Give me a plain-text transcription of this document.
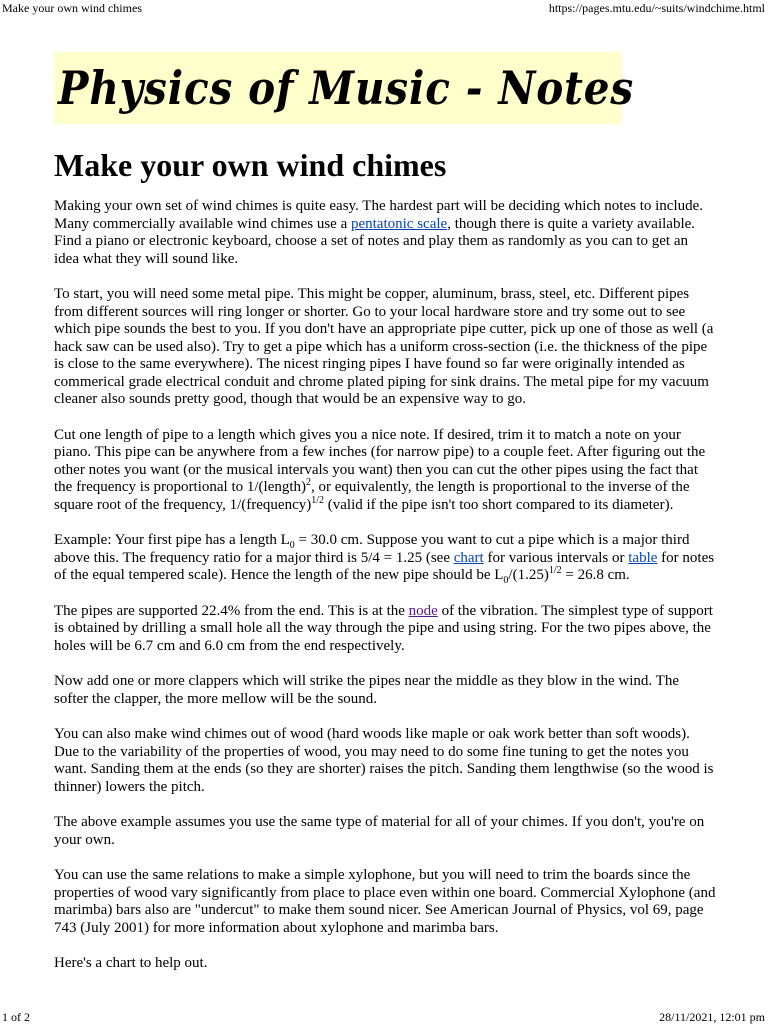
Make your own wind chimes	https://pages.mtu.edu/~suits/windchime.html
Physics of Music - Notes
Make your own wind chimes

Making your own set of wind chimes is quite easy. The hardest part will be deciding which notes to include. Many commercially available wind chimes use a pentatonic scale, though there is quite a variety available. Find a piano or electronic keyboard, choose a set of notes and play them as randomly as you can to get an idea what they will sound like.

To start, you will need some metal pipe. This might be copper, aluminum, brass, steel, etc. Different pipes from different sources will ring longer or shorter. Go to your local hardware store and try some out to see which pipe sounds the best to you. If you don't have an appropriate pipe cutter, pick up one of those as well (a hack saw can be used also). Try to get a pipe which has a uniform cross-section (i.e. the thickness of the pipe is close to the same everywhere). The nicest ringing pipes I have found so far were originally intended as commerical grade electrical conduit and chrome plated piping for sink drains. The metal pipe for my vacuum cleaner also sounds pretty good, though that would be an expensive way to go.

Cut one length of pipe to a length which gives you a nice note. If desired, trim it to match a note on your piano. This pipe can be anywhere from a few inches (for narrow pipe) to a couple feet. After figuring out the other notes you want (or the musical intervals you want) then you can cut the other pipes using the fact that the frequency is proportional to 1/(length)$^2$, or equivalently, the length is proportional to the inverse of the square root of the frequency, 1/(frequency)$^{1/2}$ (valid if the pipe isn't too short compared to its diameter).

Example: Your first pipe has a length $L_0 = 30.0$ cm. Suppose you want to cut a pipe which is a major third above this. The frequency ratio for a major third is 5/4 = 1.25 (see chart for various intervals or table for notes of the equal tempered scale). Hence the length of the new pipe should be $L_0/(1.25)^{1/2} = 26.8$ cm.

The pipes are supported 22.4% from the end. This is at the node of the vibration. The simplest type of support is obtained by drilling a small hole all the way through the pipe and using string. For the two pipes above, the holes will be 6.7 cm and 6.0 cm from the end respectively.

Now add one or more clappers which will strike the pipes near the middle as they blow in the wind. The softer the clapper, the more mellow will be the sound.

You can also make wind chimes out of wood (hard woods like maple or oak work better than soft woods). Due to the variability of the properties of wood, you may need to do some fine tuning to get the notes you want. Sanding them at the ends (so they are shorter) raises the pitch. Sanding them lengthwise (so the wood is thinner) lowers the pitch.

The above example assumes you use the same type of material for all of your chimes. If you don't, you're on your own.

You can use the same relations to make a simple xylophone, but you will need to trim the boards since the properties of wood vary significantly from place to place even within one board. Commercial Xylophone (and marimba) bars also are "undercut" to make them sound nicer. See American Journal of Physics, vol 69, page 743 (July 2001) for more information about xylophone and marimba bars.

Here's a chart to help out.

1 of 2	28/11/2021, 12:01 pm
